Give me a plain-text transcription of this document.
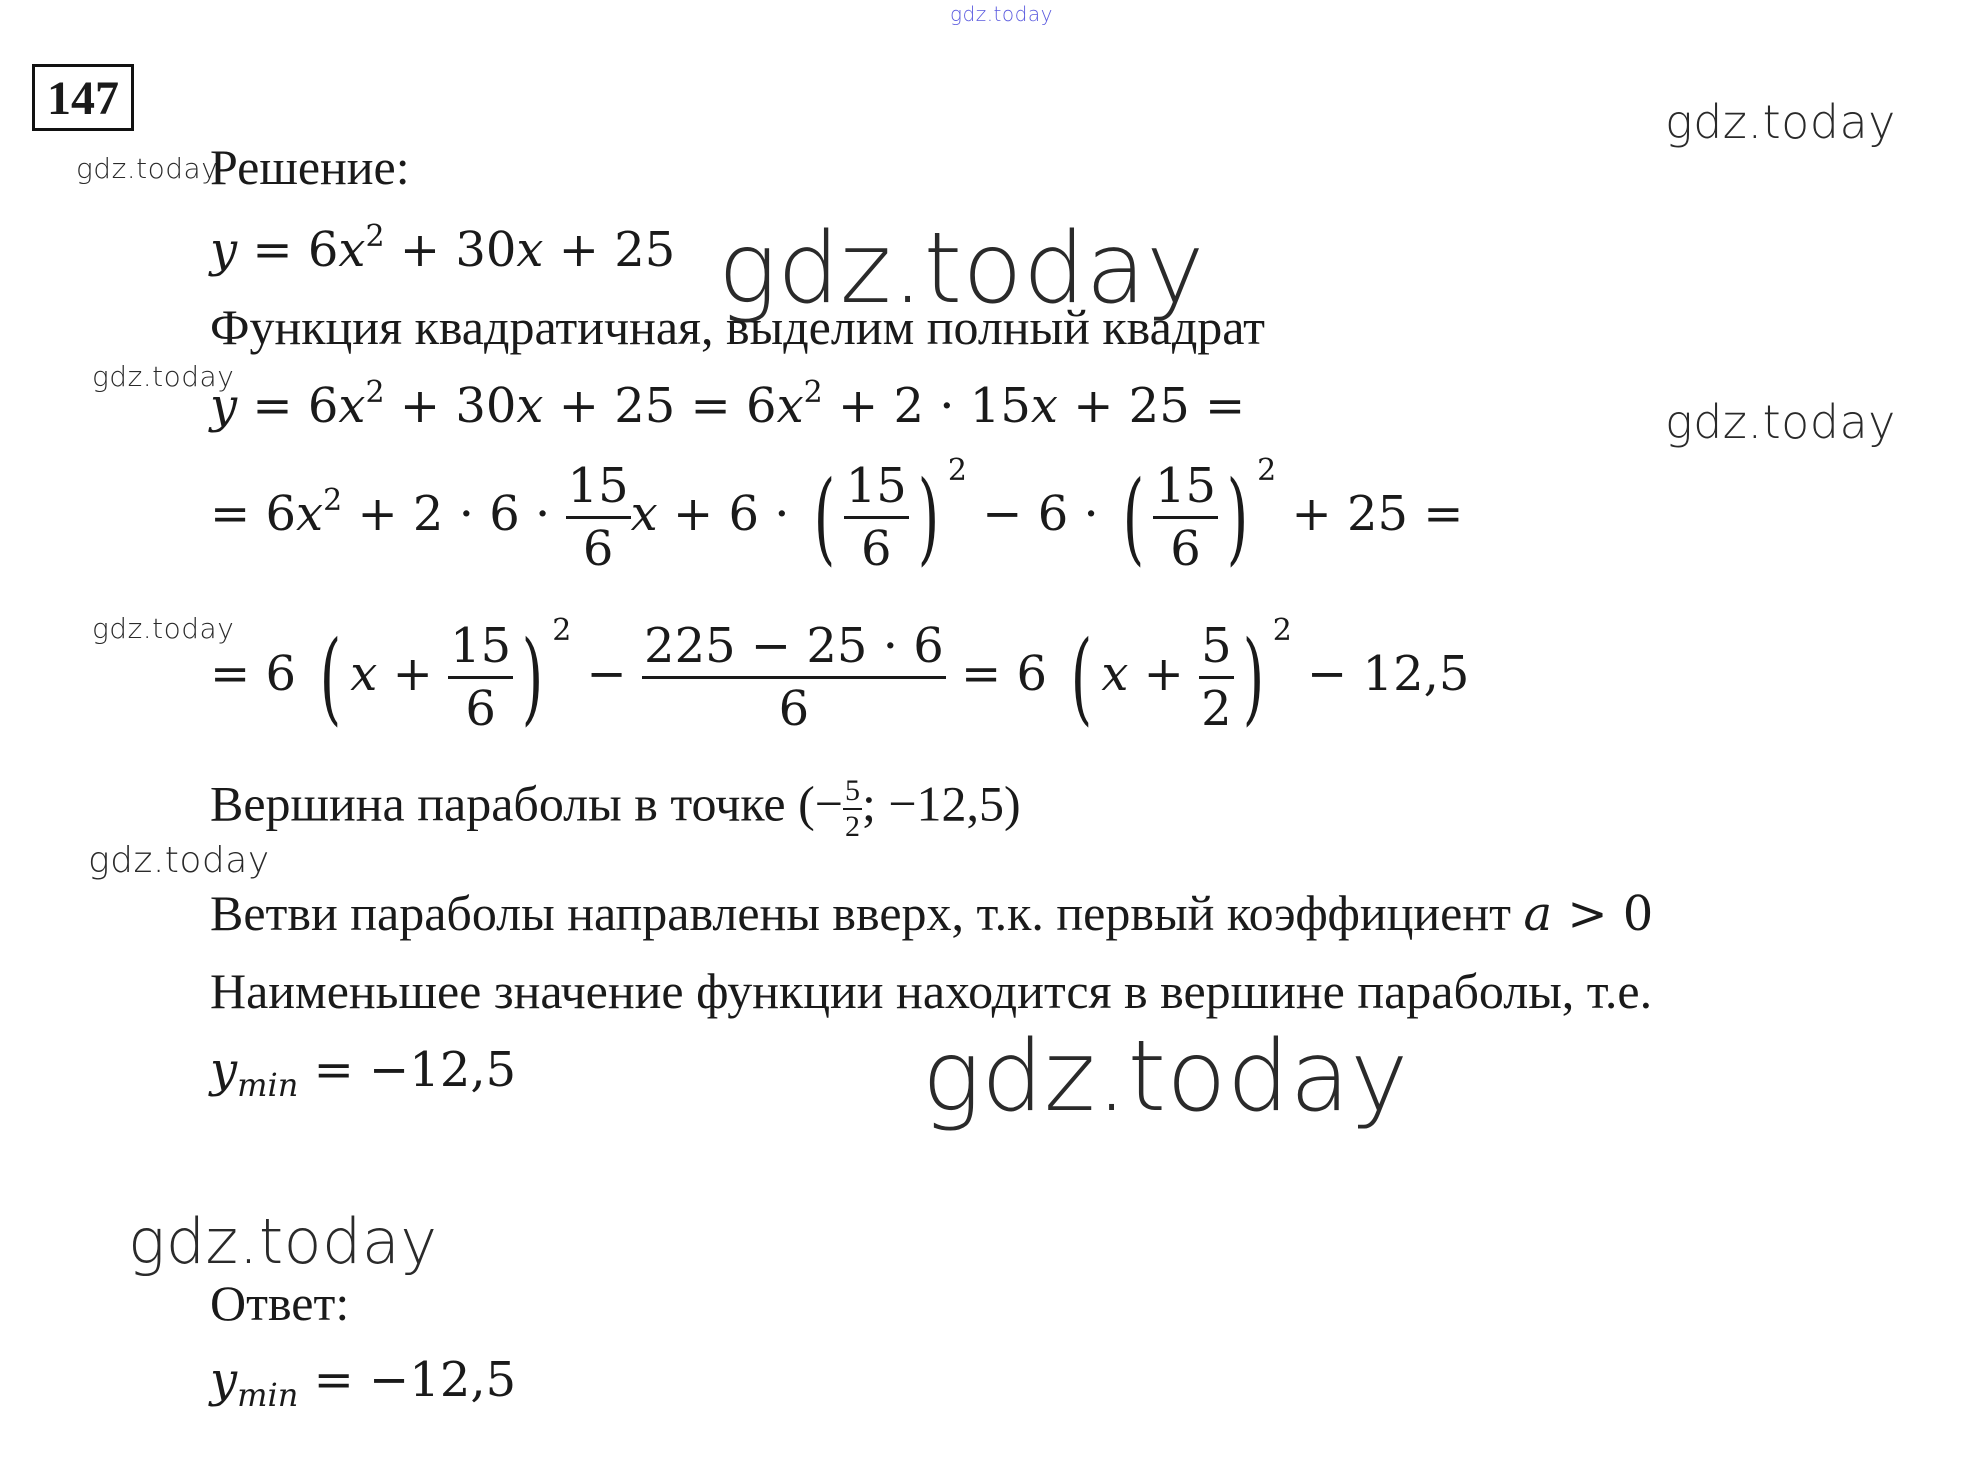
gdz.today
gdz.today
gdz.today
gdz.today
gdz.today
gdz.today
gdz.today
gdz.today
gdz.today
gdz.today
147
Решение:
$y = 6x^2 + 30x + 25$
Функция квадратичная, выделим полный квадрат
$y = 6x^2 + 30x + 25 = 6x^2 + 2 \cdot 15x + 25$ =
= $6x^2 + 2 \cdot 6 \cdot \frac{15}{6}$ x + 6 · ( $\frac{15}{6}$ ) $^2$ − 6 · ( $\frac{15}{6}$ ) $^2$ + 25 =
= 6 ( $x + \frac{15}{6}$ ) $^2 - \frac{225 - 25 \cdot 6}{6} = 6$ ( $x + \frac{5}{2}$ ) $^2$ − 12,5
Вершина параболы в точке (− $\frac{5}{2}$ ; −12,5)
Ветви параболы направлены вверх, т.к. первый коэффициент a > 0
Наименьшее значение функции находится в вершине параболы, т.е.
$y_{min} = -12,5$
Ответ:
$y_{min} = -12,5$
